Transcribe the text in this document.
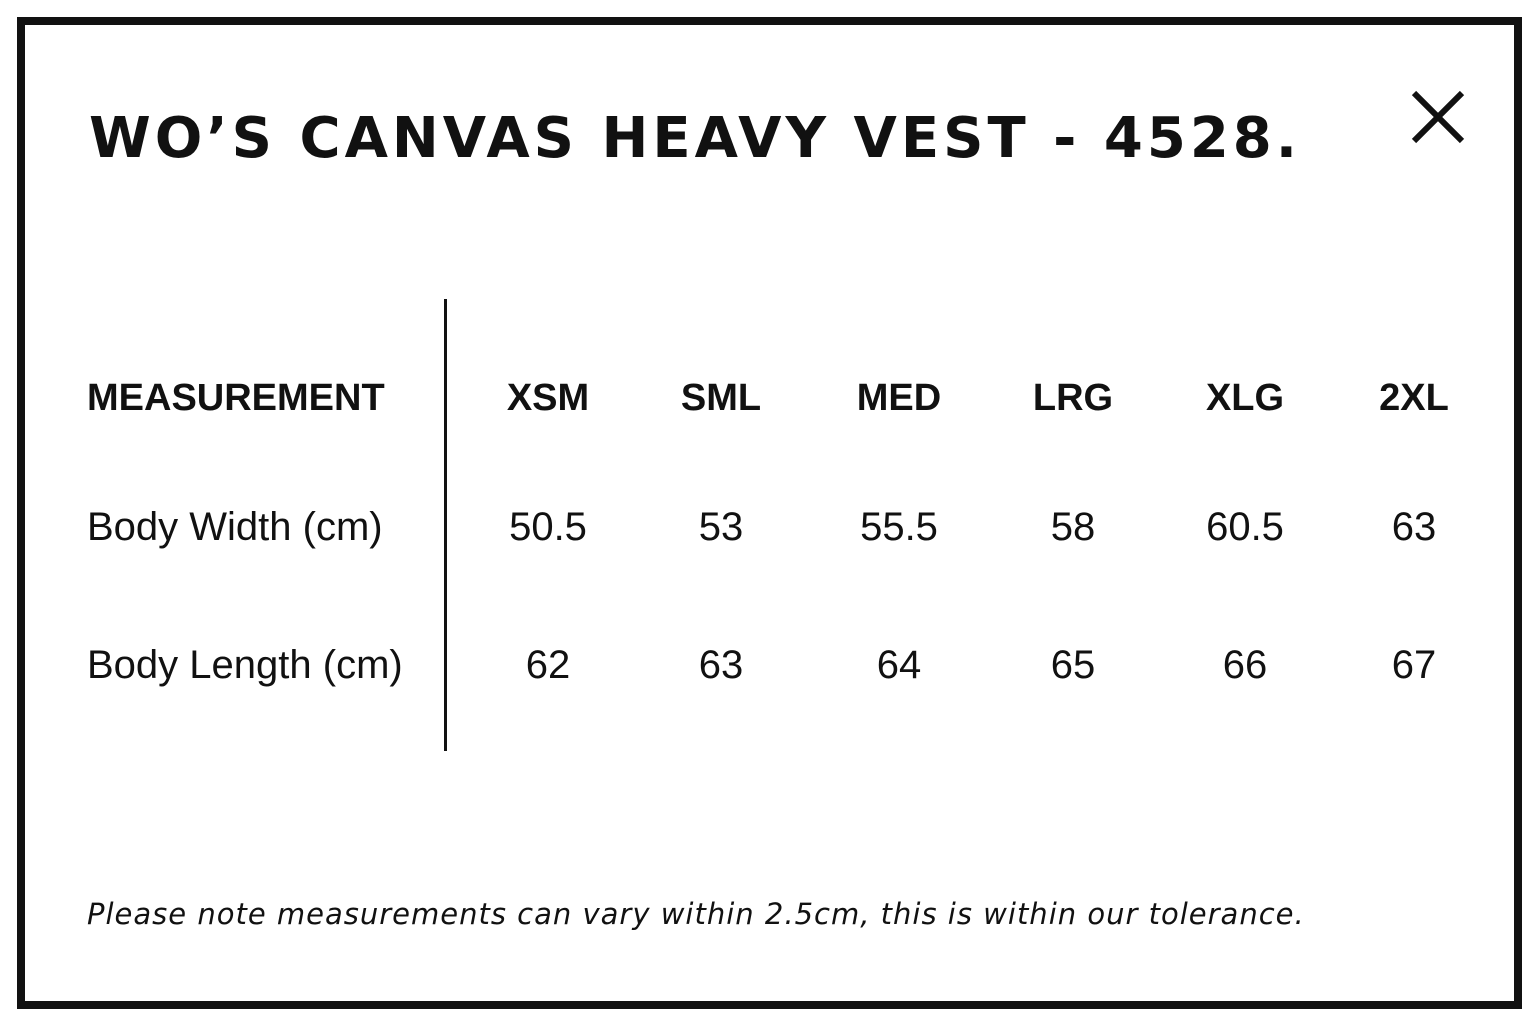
WO’S CANVAS HEAVY VEST - 4528.
MEASUREMENT	XSM SML	MED LRG XLG	2XL
Body Width (cm)	50.5	53	55.5	58	60.5	63
Body Length (cm)	62	63	64	65	66	67

Please note measurements can vary within 2.5cm, this is within our tolerance.
